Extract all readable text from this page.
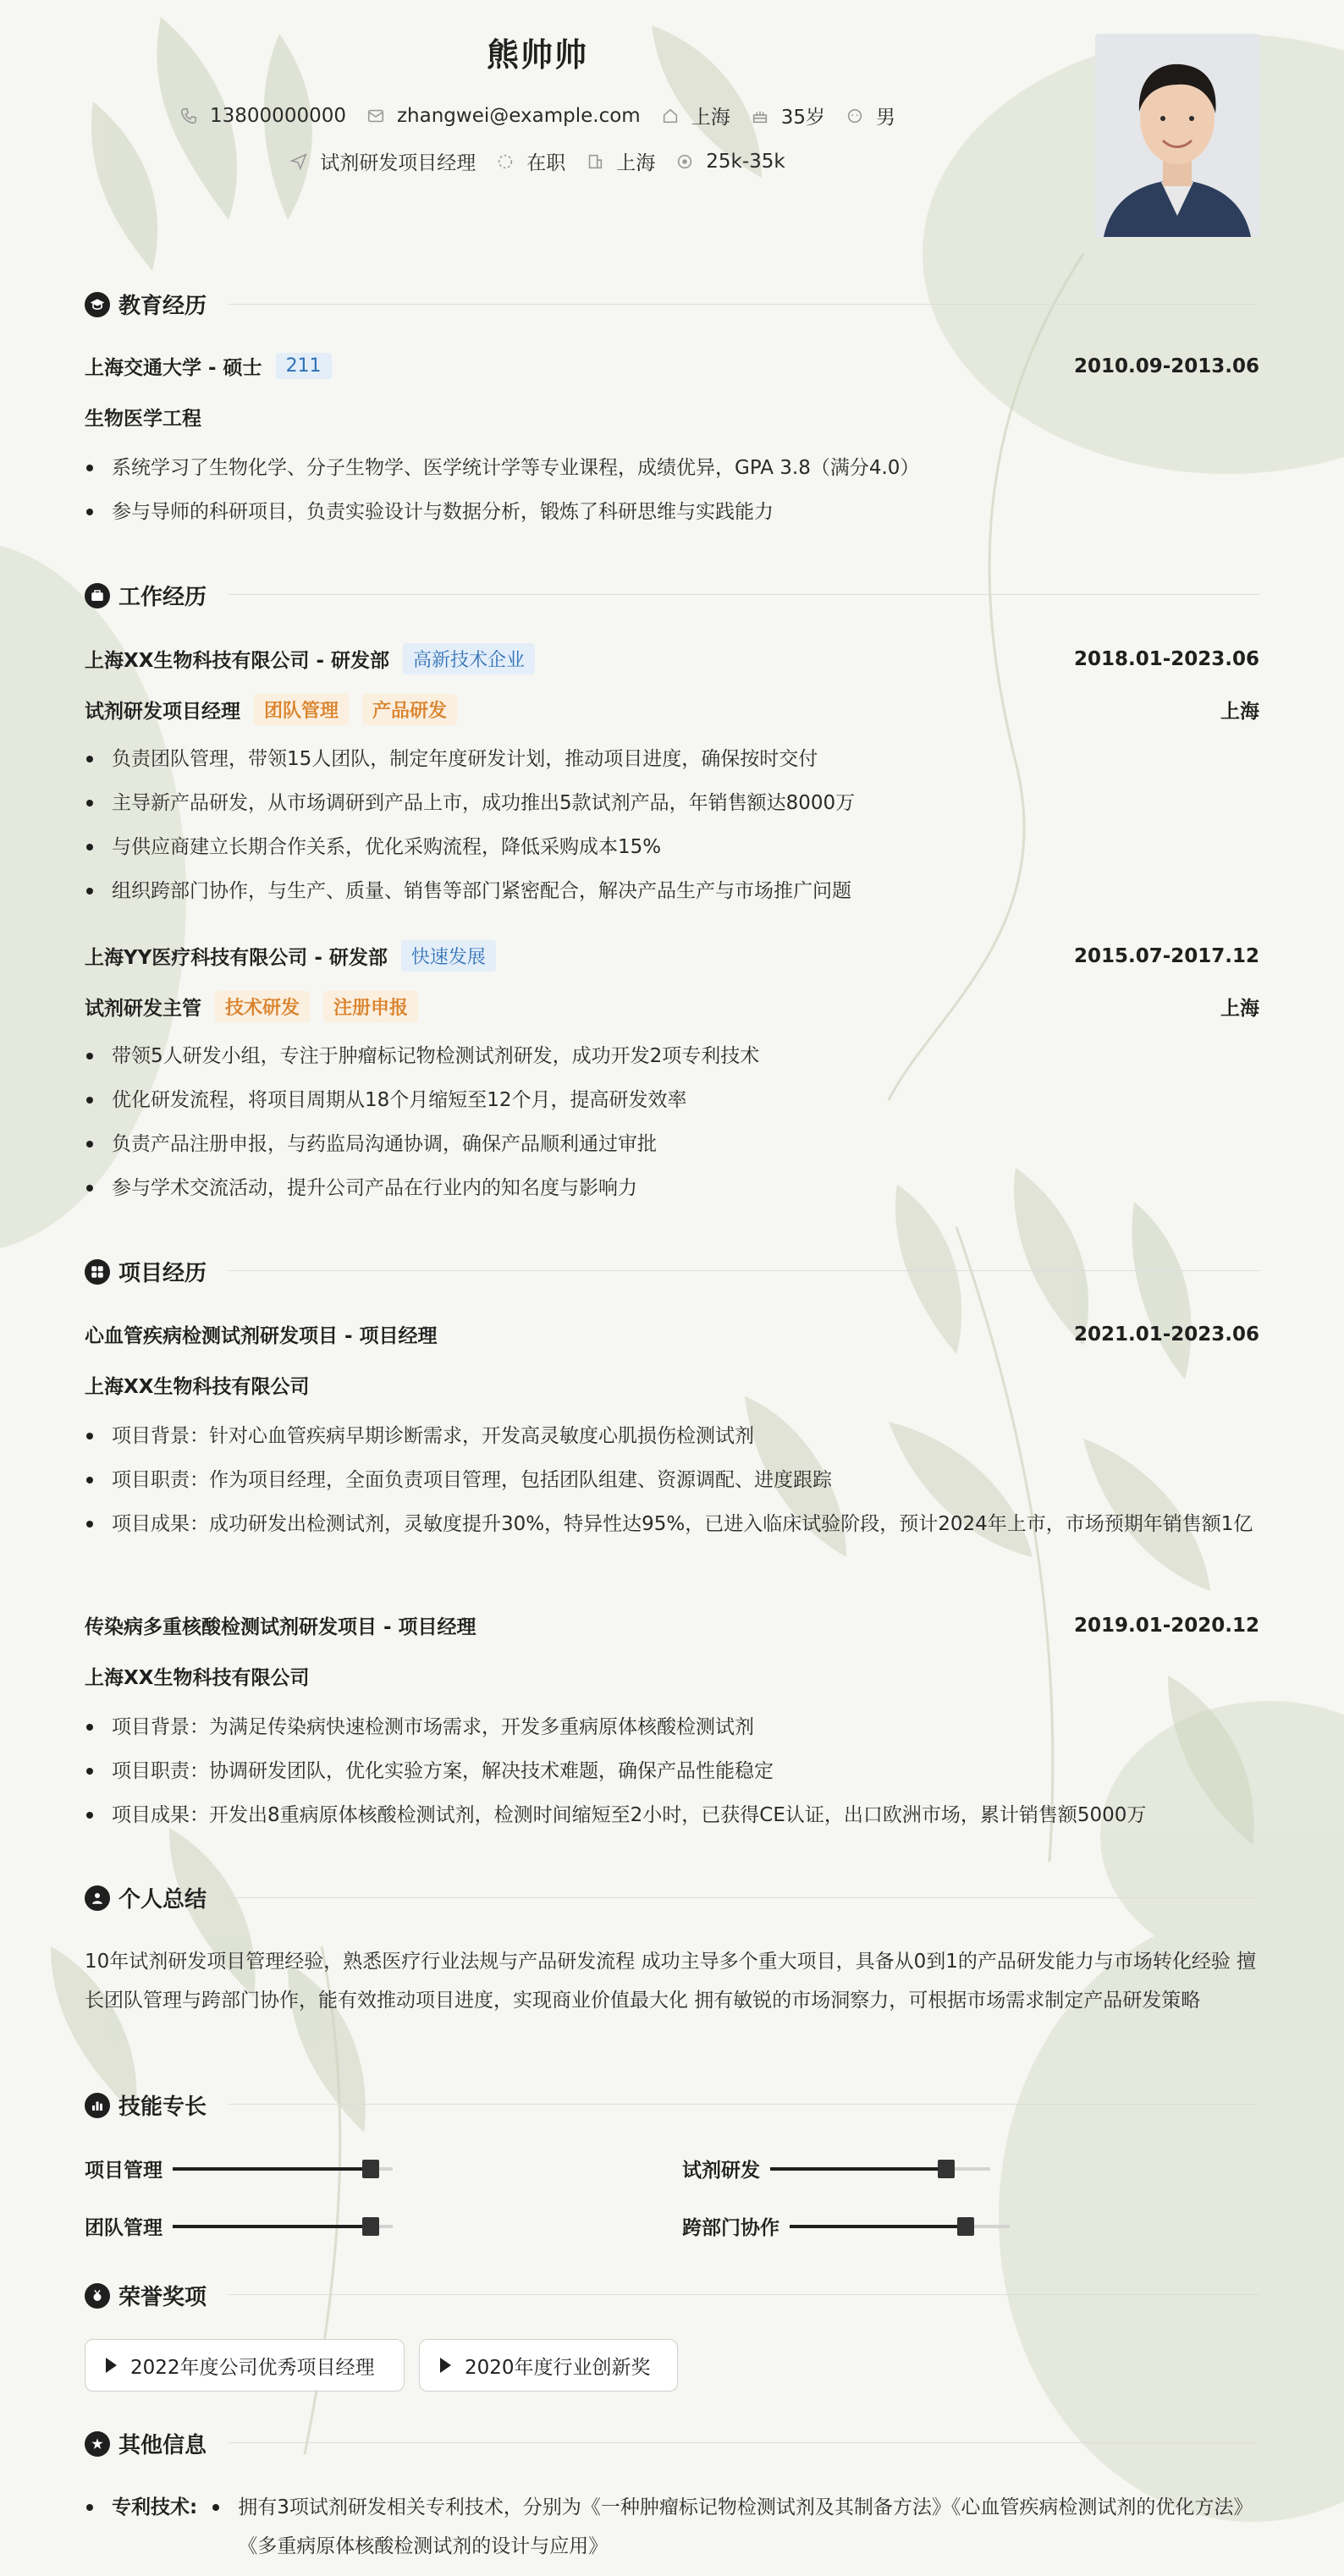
熊帅帅
13800000000	zhangwei@example.com	上海	35岁	男
试剂研发项目经理	在职	上海	25k-35k
教育经历
上海交通大学 - 硕士	211	2010.09-2013.06
生物医学工程
系统学习了生物化学、分子生物学、医学统计学等专业课程，成绩优异，GPA 3.8（满分4.0）
参与导师的科研项目，负责实验设计与数据分析，锻炼了科研思维与实践能力
工作经历
上海XX生物科技有限公司 - 研发部	高新技术企业	2018.01-2023.06
试剂研发项目经理	团队管理	产品研发	上海
负责团队管理，带领15人团队，制定年度研发计划，推动项目进度，确保按时交付
主导新产品研发，从市场调研到产品上市，成功推出5款试剂产品，年销售额达8000万
与供应商建立长期合作关系，优化采购流程，降低采购成本15%
组织跨部门协作，与生产、质量、销售等部门紧密配合，解决产品生产与市场推广问题
上海YY医疗科技有限公司 - 研发部	快速发展	2015.07-2017.12
试剂研发主管	技术研发	注册申报	上海
带领5人研发小组，专注于肿瘤标记物检测试剂研发，成功开发2项专利技术
优化研发流程，将项目周期从18个月缩短至12个月，提高研发效率
负责产品注册申报，与药监局沟通协调，确保产品顺利通过审批
参与学术交流活动，提升公司产品在行业内的知名度与影响力
项目经历
心血管疾病检测试剂研发项目 - 项目经理	2021.01-2023.06
上海XX生物科技有限公司
项目背景：针对心血管疾病早期诊断需求，开发高灵敏度心肌损伤检测试剂
项目职责：作为项目经理，全面负责项目管理，包括团队组建、资源调配、进度跟踪
项目成果：成功研发出检测试剂，灵敏度提升30%，特异性达95%，已进入临床试验阶段，预计2024年上市，市场预期年销售额1亿
传染病多重核酸检测试剂研发项目 - 项目经理	2019.01-2020.12
上海XX生物科技有限公司
项目背景：为满足传染病快速检测市场需求，开发多重病原体核酸检测试剂
项目职责：协调研发团队，优化实验方案，解决技术难题，确保产品性能稳定
项目成果：开发出8重病原体核酸检测试剂，检测时间缩短至2小时，已获得CE认证，出口欧洲市场，累计销售额5000万
个人总结
10年试剂研发项目管理经验，熟悉医疗行业法规与产品研发流程 成功主导多个重大项目，具备从0到1的产品研发能力与市场转化经验 擅长团队管理与跨部门协作，能有效推动项目进度，实现商业价值最大化 拥有敏锐的市场洞察力，可根据市场需求制定产品研发策略
技能专长
项目管理	试剂研发
团队管理	跨部门协作
荣誉奖项
2022年度公司优秀项目经理	2020年度行业创新奖
其他信息
专利技术: 拥有3项试剂研发相关专利技术，分别为《一种肿瘤标记物检测试剂及其制备方法》《心血管疾病检测试剂的优化方法》《多重病原体核酸检测试剂的设计与应用》
